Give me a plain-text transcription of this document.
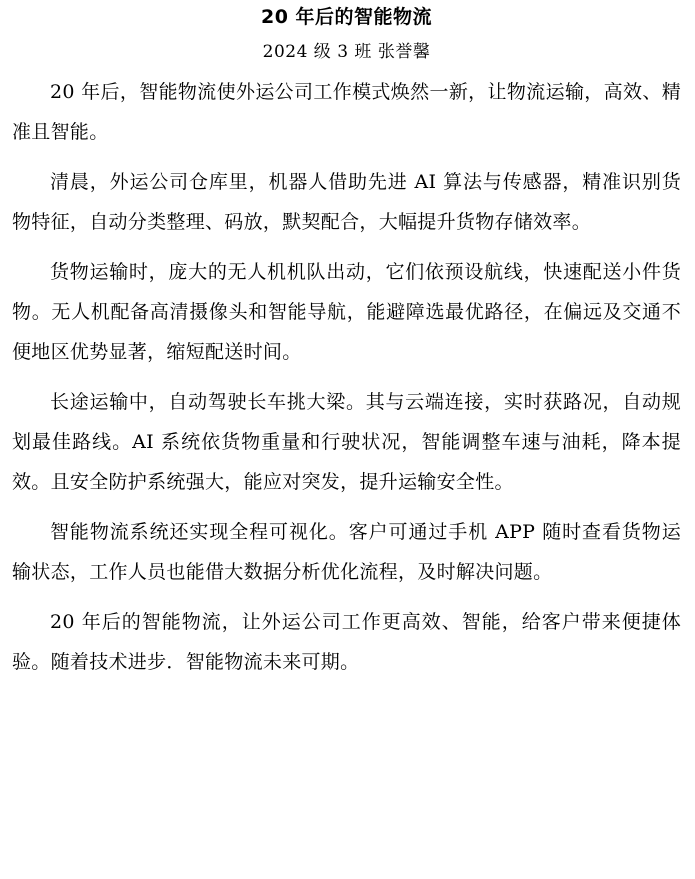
20 年后的智能物流
2024 级 3 班 张誉馨

20 年后，智能物流使外运公司工作模式焕然一新，让物流运输，高效、精准且智能。

清晨，外运公司仓库里，机器人借助先进 AI 算法与传感器，精准识别货物特征，自动分类整理、码放，默契配合，大幅提升货物存储效率。

货物运输时，庞大的无人机机队出动，它们依预设航线，快速配送小件货物。无人机配备高清摄像头和智能导航，能避障选最优路径，在偏远及交通不便地区优势显著，缩短配送时间。

长途运输中，自动驾驶长车挑大梁。其与云端连接，实时获路况，自动规划最佳路线。AI 系统依货物重量和行驶状况，智能调整车速与油耗，降本提效。且安全防护系统强大，能应对突发，提升运输安全性。

智能物流系统还实现全程可视化。客户可通过手机 APP 随时查看货物运输状态，工作人员也能借大数据分析优化流程，及时解决问题。

20 年后的智能物流，让外运公司工作更高效、智能，给客户带来便捷体验。随着技术进步．智能物流未来可期。
